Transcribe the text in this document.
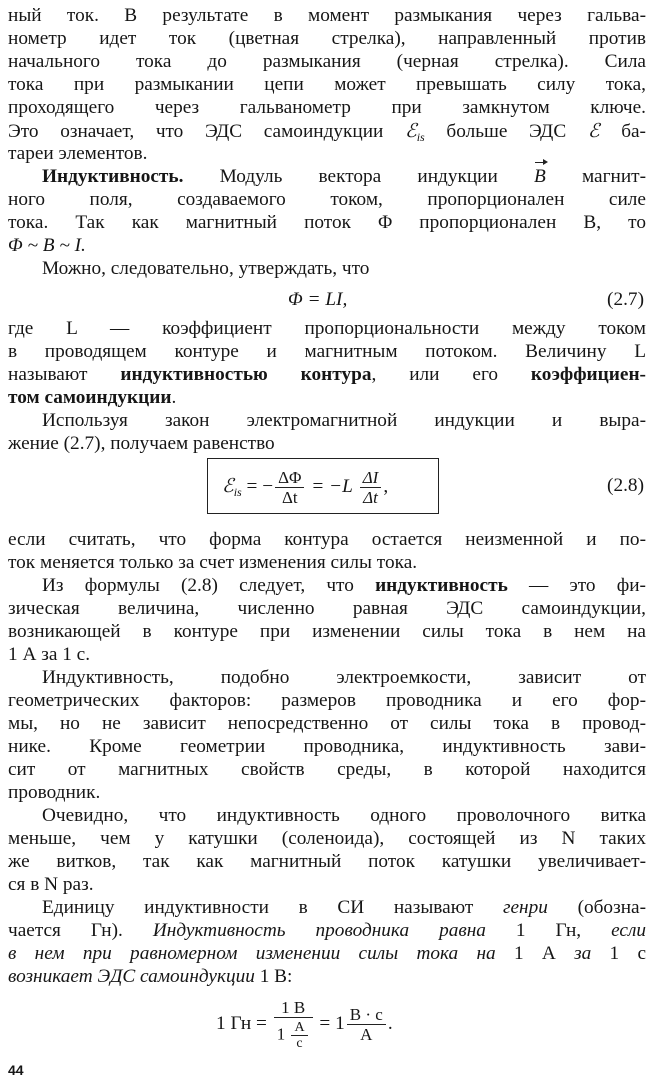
ный ток. В результате в момент размыкания через гальва-
нометр идет ток (цветная стрелка), направленный против
начального тока до размыкания (черная стрелка). Сила
тока при размыкании цепи может превышать силу тока,
проходящего через гальванометр при замкнутом ключе.
Это означает, что ЭДС самоиндукции ℰ$_{is}$ больше ЭДС ℰ ба-
тареи элементов.
Индуктивность. Модуль вектора индукции B магнит-
ного поля, создаваемого током, пропорционален силе
тока. Так как магнитный поток Φ пропорционален B, то
Φ ~ B ~ I.
Можно, следовательно, утверждать, что
Φ = LI,	(2.7)
где L — коэффициент пропорциональности между током
в проводящем контуре и магнитным потоком. Величину L
называют индуктивностью контура, или его коэффициен-
том самоиндукции.
Используя закон электромагнитной индукции и выра-
жение (2.7), получаем равенство
ℰ$_{is}$ = − $\frac{\Delta\Phi}{\Delta t} = -L \frac{\Delta I}{\Delta t}$ ,	(2.8)
если считать, что форма контура остается неизменной и по-
ток меняется только за счет изменения силы тока.
Из формулы (2.8) следует, что индуктивность — это фи-
зическая величина, численно равная ЭДС самоиндукции,
возникающей в контуре при изменении силы тока в нем на
1 А за 1 с.
Индуктивность, подобно электроемкости, зависит от
геометрических факторов: размеров проводника и его фор-
мы, но не зависит непосредственно от силы тока в провод-
нике. Кроме геометрии проводника, индуктивность зави-
сит от магнитных свойств среды, в которой находится
проводник.
Очевидно, что индуктивность одного проволочного витка
меньше, чем у катушки (соленоида), состоящей из N таких
же витков, так как магнитный поток катушки увеличивает-
ся в N раз.
Единицу индуктивности в СИ называют генри (обозна-
чается Гн). Индуктивность проводника равна 1 Гн, если
в нем при равномерном изменении силы тока на 1 А за 1 с
возникает ЭДС самоиндукции 1 В:
1 Гн = $\frac{1 В}{1 \frac{А}{с}} = 1 \frac{В \cdot с}{А}$ .
44
